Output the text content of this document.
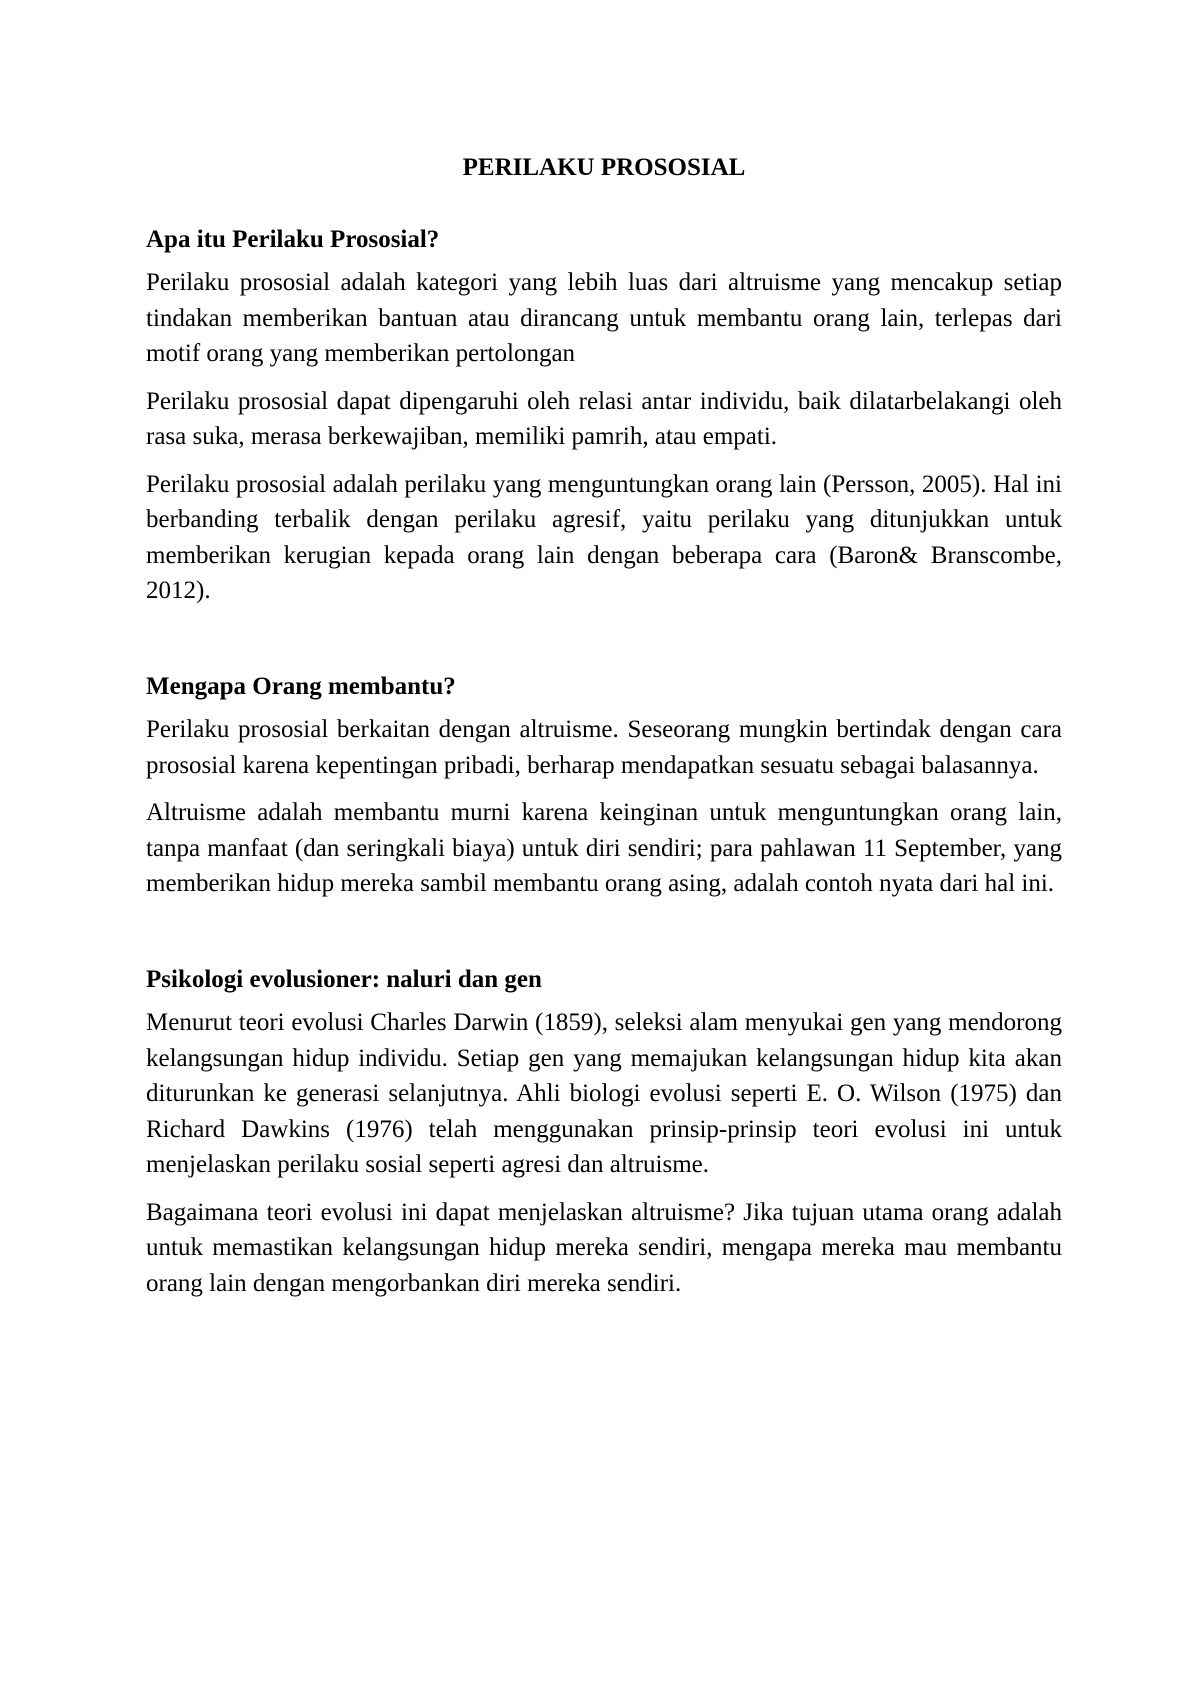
PERILAKU PROSOSIAL
Apa itu Perilaku Prososial?
Perilaku prososial adalah kategori yang lebih luas dari altruisme yang mencakup setiap tindakan memberikan bantuan atau dirancang untuk membantu orang lain, terlepas dari motif orang yang memberikan pertolongan
Perilaku prososial dapat dipengaruhi oleh relasi antar individu, baik dilatarbelakangi oleh rasa suka, merasa berkewajiban, memiliki pamrih, atau empati.
Perilaku prososial adalah perilaku yang menguntungkan orang lain (Persson, 2005). Hal ini berbanding terbalik dengan perilaku agresif, yaitu perilaku yang ditunjukkan untuk memberikan kerugian kepada orang lain dengan beberapa cara (Baron& Branscombe, 2012).
Mengapa Orang membantu?
Perilaku prososial berkaitan dengan altruisme. Seseorang mungkin bertindak dengan cara prososial karena kepentingan pribadi, berharap mendapatkan sesuatu sebagai balasannya.
Altruisme adalah membantu murni karena keinginan untuk menguntungkan orang lain, tanpa manfaat (dan seringkali biaya) untuk diri sendiri; para pahlawan 11 September, yang memberikan hidup mereka sambil membantu orang asing, adalah contoh nyata dari hal ini.
Psikologi evolusioner: naluri dan gen
Menurut teori evolusi Charles Darwin (1859), seleksi alam menyukai gen yang mendorong kelangsungan hidup individu. Setiap gen yang memajukan kelangsungan hidup kita akan diturunkan ke generasi selanjutnya. Ahli biologi evolusi seperti E. O. Wilson (1975) dan Richard Dawkins (1976) telah menggunakan prinsip-prinsip teori evolusi ini untuk menjelaskan perilaku sosial seperti agresi dan altruisme.
Bagaimana teori evolusi ini dapat menjelaskan altruisme? Jika tujuan utama orang adalah untuk memastikan kelangsungan hidup mereka sendiri, mengapa mereka mau membantu orang lain dengan mengorbankan diri mereka sendiri.
